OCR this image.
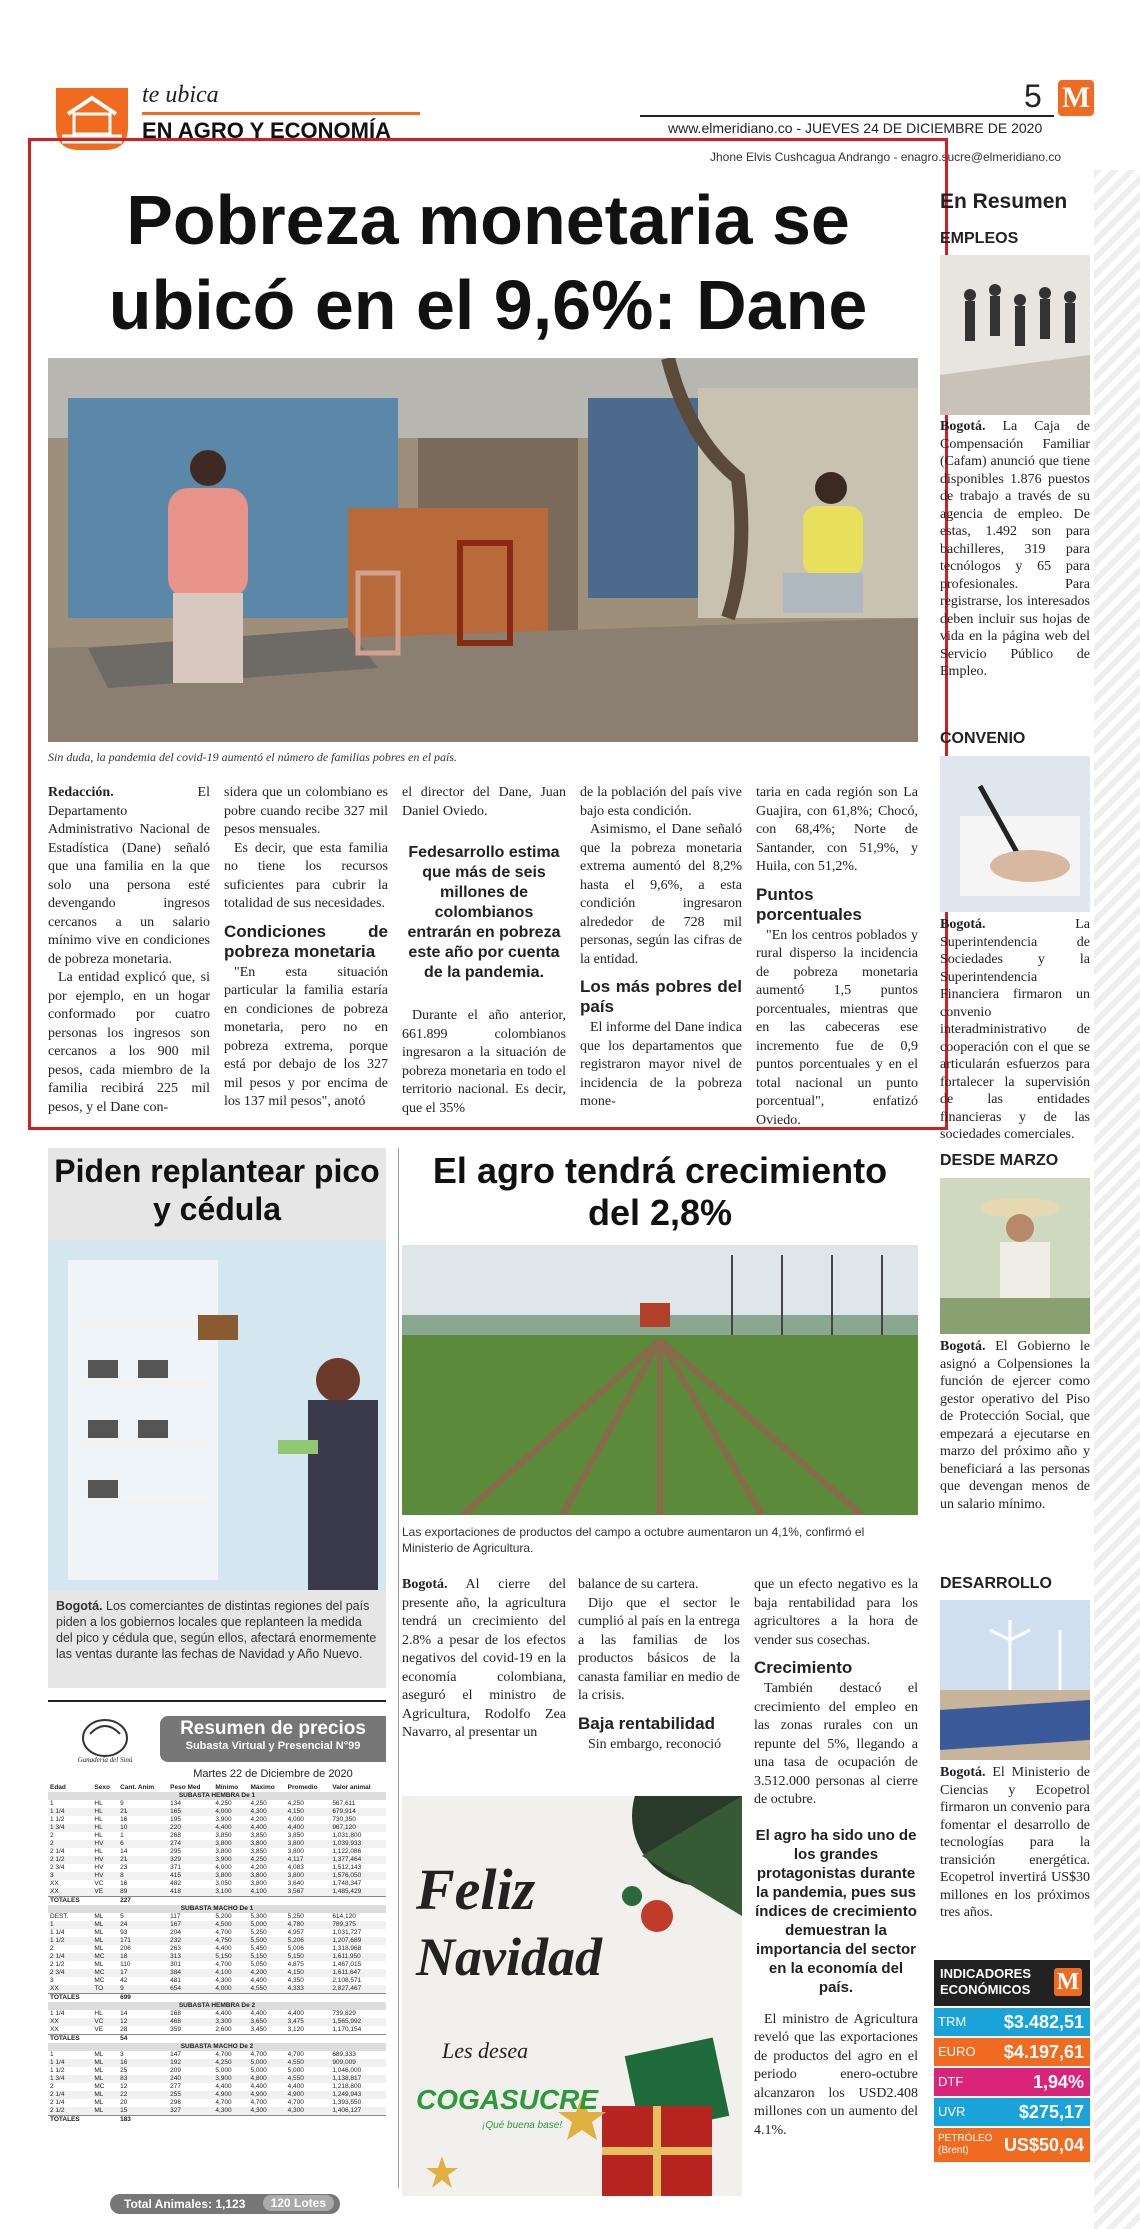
te ubica
EN AGRO Y ECONOMÍA
5 M
www.elmeridiano.co - JUEVES 24 DE DICIEMBRE DE 2020
Jhone Elvis Cushcagua Andrango - enagro.sucre@elmeridiano.co
Pobreza monetaria se ubicó en el 9,6%: Dane
Sin duda, la pandemia del covid-19 aumentó el número de familias pobres en el país.

Redacción.	El Departamento Administrativo Nacional de Estadística (Dane) señaló que una familia en la que solo una persona esté devengando ingresos cercanos a un salario mínimo vive en condiciones de pobreza monetaria.

La entidad explicó que, si por ejemplo, en un hogar conformado por cuatro personas los ingresos son cercanos a los 900 mil pesos, cada miembro de la familia recibirá 225 mil pesos, y el Dane con-

sidera que un colombiano es pobre cuando recibe 327 mil pesos mensuales.

Es decir, que esta familia no tiene los recursos suficientes para cubrir la totalidad de sus necesidades.

Condiciones de pobreza monetaria

"En esta situación particular la familia estaría en condiciones de pobreza monetaria, pero no en pobreza extrema, porque está por debajo de los 327 mil pesos y por encima de los 137 mil pesos", anotó

el director del Dane, Juan Daniel Oviedo.

Fedesarrollo estima que más de seis millones de colombianos entrarán en pobreza este año por cuenta de la pandemia.

Durante el año anterior, 661.899 colombianos ingresaron a la situación de pobreza monetaria en todo el territorio nacional. Es decir, que el 35%

de la población del país vive bajo esta condición.

Asimismo, el Dane señaló que la pobreza monetaria extrema aumentó del 8,2% hasta el 9,6%, a esta condición ingresaron alrededor de 728 mil personas, según las cifras de la entidad.

Los más pobres del país

El informe del Dane indica que los departamentos que registraron mayor nivel de incidencia de la pobreza mone-

taria en cada región son La Guajira, con 61,8%; Chocó, con 68,4%; Norte de Santander, con 51,9%, y Huila, con 51,2%.

Puntos porcentuales

"En los centros poblados y rural disperso la incidencia de pobreza monetaria aumentó 1,5 puntos porcentuales, mientras que en las cabeceras ese incremento fue de 0,9 puntos porcentuales y en el total nacional un punto porcentual", enfatizó Oviedo.

En Resumen
EMPLEOS
Bogotá. La Caja de Compensación Familiar (Cafam) anunció que tiene disponibles 1.876 puestos de trabajo a través de su agencia de empleo. De estas, 1.492 son para bachilleres, 319 para tecnólogos y 65 para profesionales. Para registrarse, los interesados deben incluir sus hojas de vida en la página web del Servicio Público de Empleo.
CONVENIO
Bogotá.	La Superintendencia de Sociedades y la Superintendencia Financiera firmaron un convenio interadministrativo de cooperación con el que se articularán esfuerzos para fortalecer la supervisión de las entidades financieras y de las sociedades comerciales.
DESDE MARZO
Bogotá. El Gobierno le asignó a Colpensiones la función de ejercer como gestor operativo del Piso de Protección Social, que empezará a ejecutarse en marzo del próximo año y beneficiará a las personas que devengan menos de un salario mínimo.
DESARROLLO
Bogotá. El Ministerio de Ciencias y Ecopetrol firmaron un convenio para fomentar el desarrollo de tecnologías para la transición energética. Ecopetrol invertirá US$30 millones en los próximos tres años.
INDICADORES ECONÓMICOS	M
TRM $3.482,51
EURO $4.197,61
DTF	1,94%
UVR	$275,17
PETRÓLEO (Brent)	US$50,04
Piden replantear pico y cédula
Bogotá. Los comerciantes de distintas regiones del país piden a los gobiernos locales que replanteen la medida del pico y cédula que, según ellos, afectará enormemente las ventas durante las fechas de Navidad y Año Nuevo.
Ganadería del Sinú
Resumen de precios
Subasta Virtual y Presencial N°99
Martes 22 de Diciembre de 2020
Edad	Sexo	Cant. Anim	Peso Med	Mínimo	Máximo	Promedio	Valor animal
SUBASTA HEMBRA De 1							
1	HL	9	134	4,250	4,250	4,250	567,611
1 1/4	HL	21	165	4,000	4,300	4,150	679,914
1 1/2	HL	16	195	3,900	4,200	4,000	730,350
1 3/4	HL	10	220	4,400	4,400	4,400	967,120
2	HL	1	268	3,850	3,850	3,850	1,031,800
2	HV	6	274	3,800	3,800	3,800	1,039,933
2 1/4	HL	14	295	3,800	3,850	3,800	1,122,086
2 1/2	HV	21	329	3,900	4,250	4,117	1,377,464
2 3/4	HV	23	371	4,000	4,200	4,083	1,512,143
3	HV	8	415	3,800	3,800	3,800	1,576,050
XX	VC	16	482	3,050	3,800	3,640	1,748,347
XX	VE	89	418	3,100	4,100	3,567	1,485,429
TOTALES		227					
SUBASTA MACHO De 1							
DEST.	ML	5	117	5,200	5,300	5,250	614,120
1	ML	24	167	4,500	5,000	4,780	789,375
1 1/4	ML	93	204	4,700	5,250	4,957	1,031,727
1 1/2	ML	171	232	4,750	5,500	5,206	1,207,689
2	ML	206	263	4,400	5,450	5,006	1,318,968
2 1/4	MC	18	313	5,150	5,150	5,150	1,611,950
2 1/2	ML	110	301	4,700	5,050	4,875	1,467,015
2 3/4	MC	17	384	4,100	4,200	4,150	1,611,647
3	MC	42	481	4,300	4,400	4,350	2,108,571
XX	TO	9	654	4,000	4,550	4,333	2,827,467
TOTALES		699					
SUBASTA HEMBRA De 2							
1 1/4	HL	14	168	4,400	4,400	4,400	739,829
XX	VC	12	468	3,300	3,650	3,475	1,565,992
XX	VE	28	359	2,600	3,450	3,120	1,170,154
TOTALES		54					
SUBASTA MACHO De 2							
1	ML	3	147	4,700	4,700	4,700	689,333
1 1/4	ML	16	192	4,250	5,000	4,550	909,009
1 1/2	ML	25	209	5,000	5,000	5,000	1,046,000
1 3/4	ML	83	240	3,900	4,800	4,550	1,138,817
2	MC	12	277	4,400	4,400	4,400	1,218,800
2 1/4	ML	22	255	4,900	4,900	4,900	1,249,943
2 1/4	ML	20	296	4,700	4,700	4,700	1,393,550
2 1/2	ML	15	327	4,300	4,300	4,300	1,406,127
TOTALES		183					
Total Animales: 1,123	120 Lotes
El agro tendrá crecimiento del 2,8%
Las exportaciones de productos del campo a octubre aumentaron un 4,1%, confirmó el Ministerio de Agricultura.

Bogotá. Al cierre del presente año, la agricultura tendrá un crecimiento del 2.8% a pesar de los efectos negativos del covid-19 en la economía colombiana, aseguró el ministro de Agricultura, Rodolfo Zea Navarro, al presentar un

balance de su cartera.

Dijo que el sector le cumplió al país en la entrega a las familias de los productos básicos de la canasta familiar en medio de la crisis.

Baja rentabilidad

Sin embargo, reconoció

que un efecto negativo es la baja rentabilidad para los agricultores a la hora de vender sus cosechas.

Crecimiento

También destacó el crecimiento del empleo en las zonas rurales con un repunte del 5%, llegando a una tasa de ocupación de 3.512.000 personas al cierre de octubre.

El agro ha sido uno de los grandes protagonistas durante la pandemia, pues sus índices de crecimiento demuestran la importancia del sector en la economía del país.

El ministro de Agricultura reveló que las exportaciones de productos del agro en el periodo enero-octubre alcanzaron los USD2.408 millones con un aumento del 4.1%.

Feliz
Navidad
Les desea
COGASUCRE
¡Qué buena base!
